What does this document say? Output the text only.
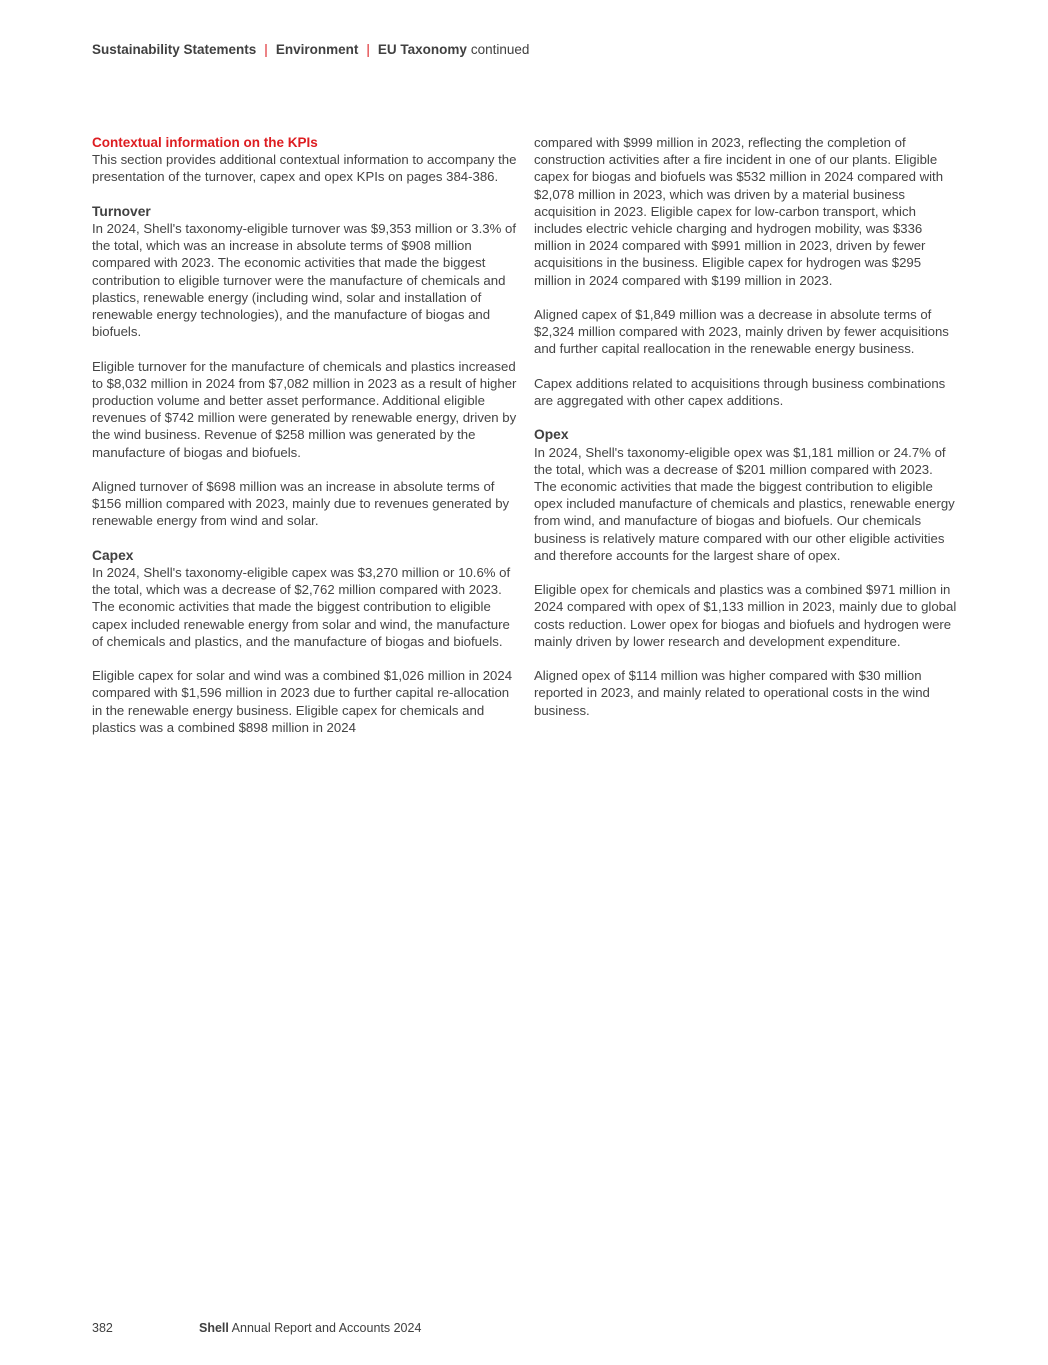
Sustainability Statements | Environment | EU Taxonomy continued
Contextual information on the KPIs

This section provides additional contextual information to accompany the presentation of the turnover, capex and opex KPIs on pages 384-386.

Turnover

In 2024, Shell's taxonomy-eligible turnover was $9,353 million or 3.3% of the total, which was an increase in absolute terms of $908 million compared with 2023. The economic activities that made the biggest contribution to eligible turnover were the manufacture of chemicals and plastics, renewable energy (including wind, solar and installation of renewable energy technologies), and the manufacture of biogas and biofuels.

Eligible turnover for the manufacture of chemicals and plastics increased to $8,032 million in 2024 from $7,082 million in 2023 as a result of higher production volume and better asset performance. Additional eligible revenues of $742 million were generated by renewable energy, driven by the wind business. Revenue of $258 million was generated by the manufacture of biogas and biofuels.

Aligned turnover of $698 million was an increase in absolute terms of $156 million compared with 2023, mainly due to revenues generated by renewable energy from wind and solar.

Capex

In 2024, Shell's taxonomy-eligible capex was $3,270 million or 10.6% of the total, which was a decrease of $2,762 million compared with 2023. The economic activities that made the biggest contribution to eligible capex included renewable energy from solar and wind, the manufacture of chemicals and plastics, and the manufacture of biogas and biofuels.

Eligible capex for solar and wind was a combined $1,026 million in 2024 compared with $1,596 million in 2023 due to further capital re-allocation in the renewable energy business. Eligible capex for chemicals and plastics was a combined $898 million in 2024

compared with $999 million in 2023, reflecting the completion of construction activities after a fire incident in one of our plants. Eligible capex for biogas and biofuels was $532 million in 2024 compared with $2,078 million in 2023, which was driven by a material business acquisition in 2023. Eligible capex for low-carbon transport, which includes electric vehicle charging and hydrogen mobility, was $336 million in 2024 compared with $991 million in 2023, driven by fewer acquisitions in the business. Eligible capex for hydrogen was $295 million in 2024 compared with $199 million in 2023.

Aligned capex of $1,849 million was a decrease in absolute terms of $2,324 million compared with 2023, mainly driven by fewer acquisitions and further capital reallocation in the renewable energy business.

Capex additions related to acquisitions through business combinations are aggregated with other capex additions.

Opex

In 2024, Shell's taxonomy-eligible opex was $1,181 million or 24.7% of the total, which was a decrease of $201 million compared with 2023. The economic activities that made the biggest contribution to eligible opex included manufacture of chemicals and plastics, renewable energy from wind, and manufacture of biogas and biofuels. Our chemicals business is relatively mature compared with our other eligible activities and therefore accounts for the largest share of opex.

Eligible opex for chemicals and plastics was a combined $971 million in 2024 compared with opex of $1,133 million in 2023, mainly due to global costs reduction. Lower opex for biogas and biofuels and hydrogen were mainly driven by lower research and development expenditure.

Aligned opex of $114 million was higher compared with $30 million reported in 2023, and mainly related to operational costs in the wind business.

382	Shell Annual Report and Accounts 2024
